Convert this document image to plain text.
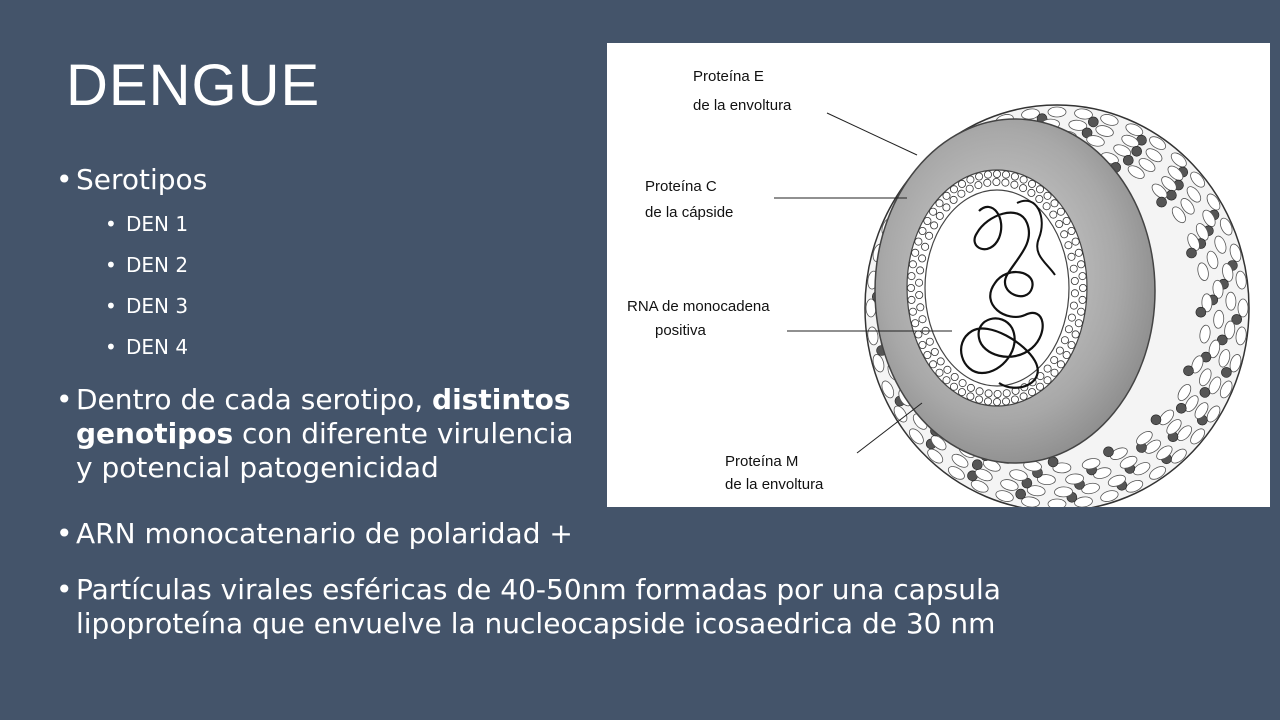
DENGUE
• Serotipos
• DEN 1
• DEN 2
• DEN 3
• DEN 4
• Dentro de cada serotipo, distintos
genotipos con diferente virulencia
y potencial patogenicidad
• ARN monocatenario de polaridad +
• Partículas virales esféricas de 40-50nm formadas por una capsula
lipoproteína que envuelve la nucleocapside icosaedrica de 30 nm
Proteína E de la envoltura
Proteína C de la cápside
RNA de monocadena positiva
Proteína M de la envoltura
